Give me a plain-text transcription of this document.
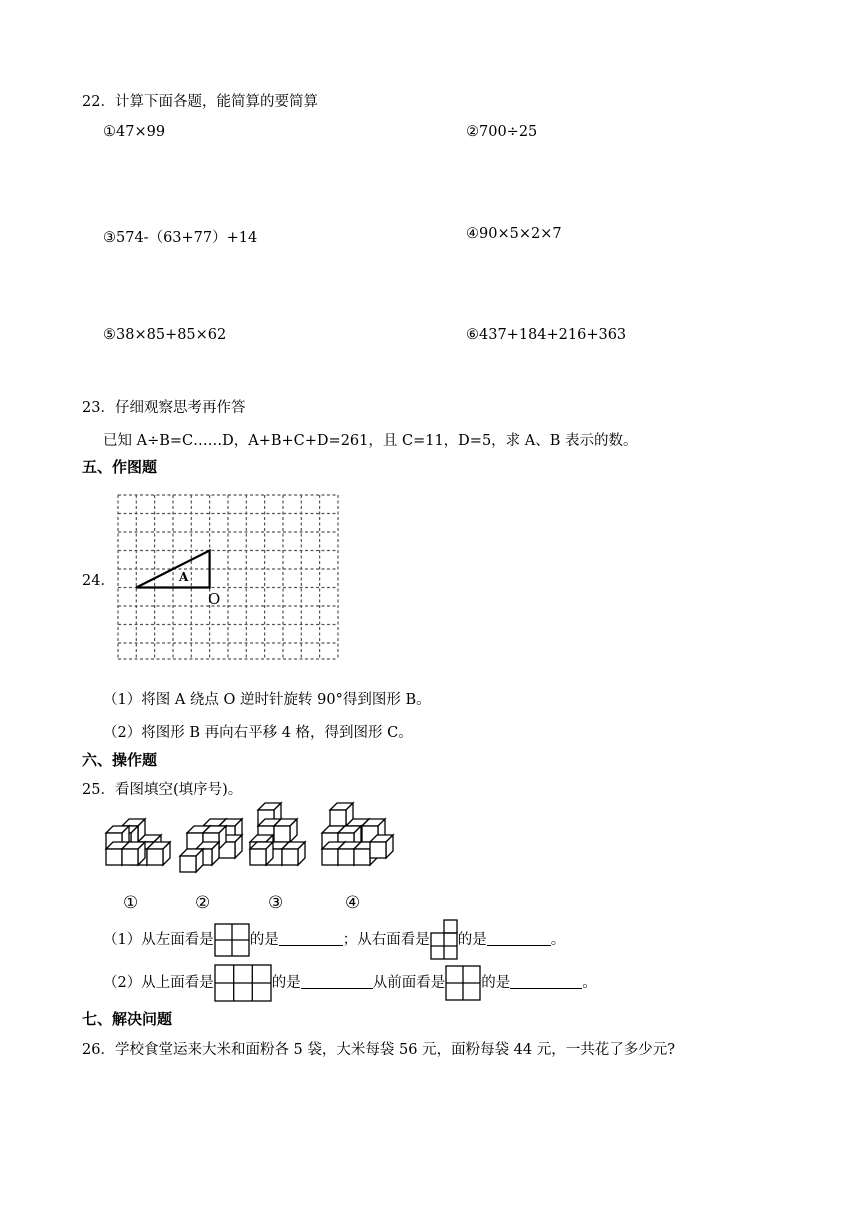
22．计算下面各题，能简算的要简算
①47×99	②700÷25
③574-（63+77）+14	④90×5×2×7
⑤38×85+85×62	⑥437+184+216+363
23．仔细观察思考再作答
已知 A÷B=C……D，A+B+C+D=261，且 C=11，D=5，求 A、B 表示的数。
五、作图题
24．	A
O
（1）将图 A 绕点 O 逆时针旋转 90°得到图形 B。
（2）将图形 B 再向右平移 4 格，得到图形 C。
六、操作题
25．看图填空(填序号)。
①	②	③	④
（1）从左面看是 的是	；从右面看是 的是	。
（2）从上面看是	的是	从前面看是 的是	。
七、解决问题
26．学校食堂运来大米和面粉各 5 袋，大米每袋 56 元，面粉每袋 44 元，一共花了多少元?
